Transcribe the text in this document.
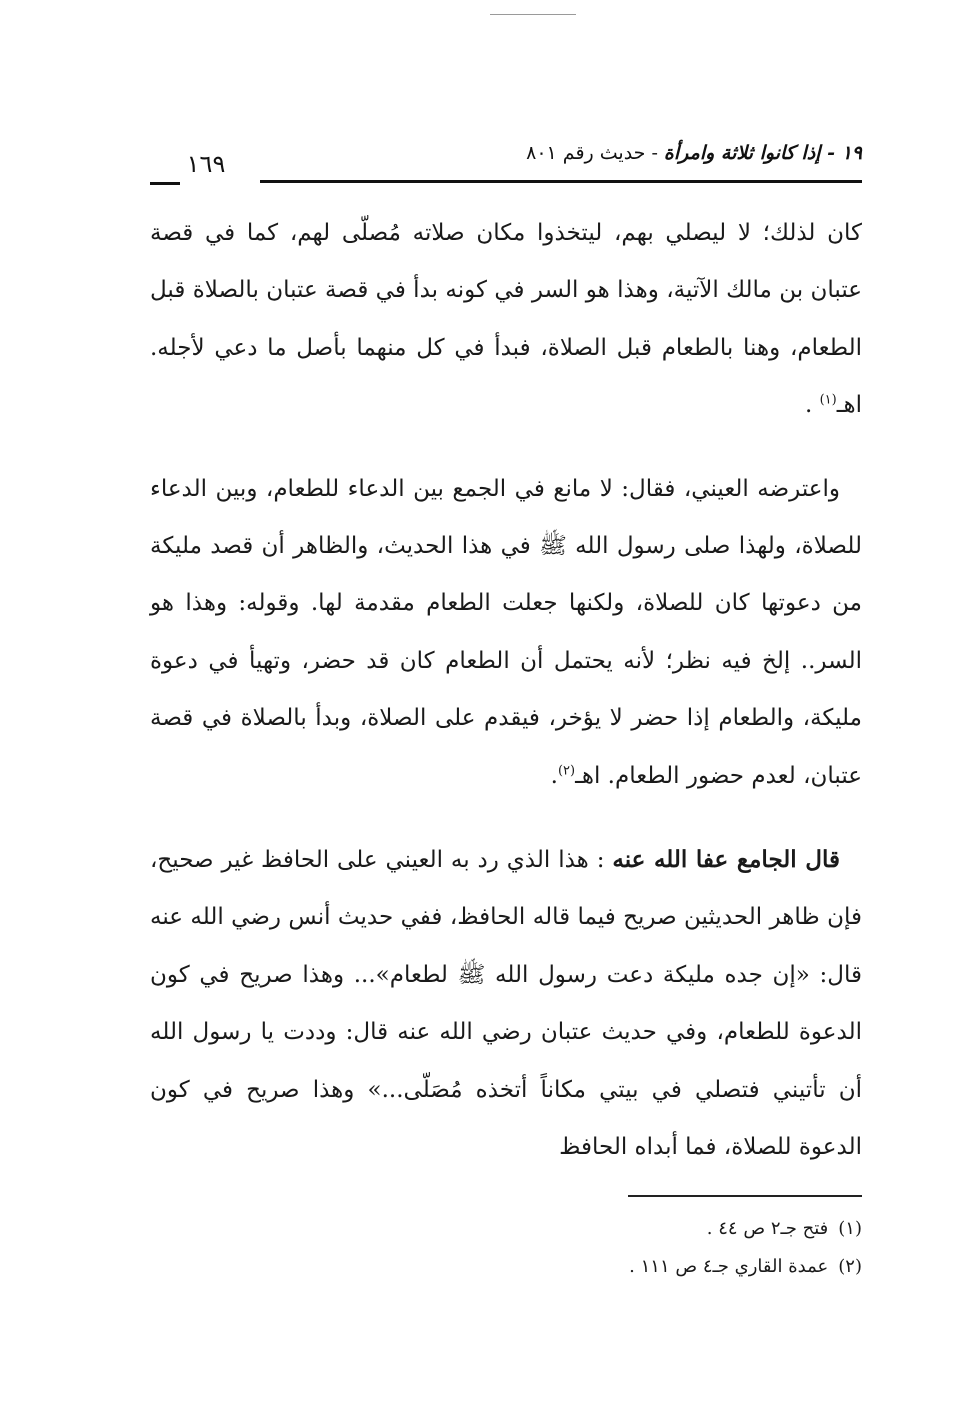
١٩ - إذا كانوا ثلاثة وامرأة - حديث رقم ٨٠١
١٦٩

كان لذلك؛ لا ليصلي بهم، ليتخذوا مكان صلاته مُصلّى لهم، كما في قصة عتبان بن مالك الآتية، وهذا هو السر في كونه بدأ في قصة عتبان بالصلاة قبل الطعام، وهنا بالطعام قبل الصلاة، فبدأ في كل منهما بأصل ما دعي لأجله. اهـ$^{(١)}$ .

واعترضه العيني، فقال: لا مانع في الجمع بين الدعاء للطعام، وبين الدعاء للصلاة، ولهذا صلى رسول الله ﷺ في هذا الحديث، والظاهر أن قصد مليكة من دعوتها كان للصلاة، ولكنها جعلت الطعام مقدمة لها. وقوله: وهذا هو السر.. إلخ فيه نظر؛ لأنه يحتمل أن الطعام كان قد حضر، وتهيأ في دعوة مليكة، والطعام إذا حضر لا يؤخر، فيقدم على الصلاة، وبدأ بالصلاة في قصة عتبان، لعدم حضور الطعام. اهـ$^{(٢)}$.

قال الجامع عفا الله عنه : هذا الذي رد به العيني على الحافظ غير صحيح، فإن ظاهر الحديثين صريح فيما قاله الحافظ، ففي حديث أنس رضي الله عنه قال: «إن جده مليكة دعت رسول الله ﷺ لطعام»... وهذا صريح في كون الدعوة للطعام، وفي حديث عتبان رضي الله عنه قال: وددت يا رسول الله أن تأتيني فتصلي في بيتي مكاناً أتخذه مُصَلّى...» وهذا صريح في كون الدعوة للصلاة، فما أبداه الحافظ

(١)فتح جـ٢ ص ٤٤ .
(٢)عمدة القاري جـ٤ ص ١١١ .
